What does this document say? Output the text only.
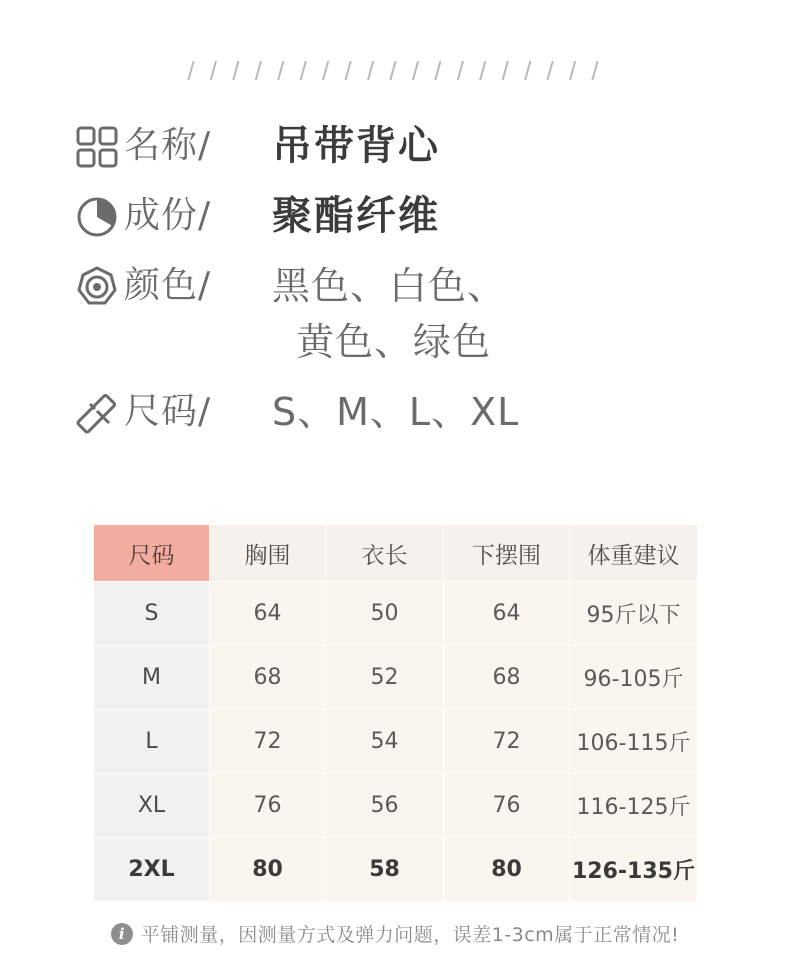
/ / / / / / / / / / / / / / / / / / /
名称/	吊带背心
成份/	聚酯纤维
颜色/	黑色、白色、
黄色、绿色
尺码/	S、M、L、XL
尺码	胸围	衣长	下摆围	体重建议
S	64	50	64	95斤以下
M	68	52	68	96-105斤
L	72	54	72	106-115斤
XL	76	56	76	116-125斤
2XL	80	58	80	126-135斤
i 平铺测量，因测量方式及弹力问题，误差1-3cm属于正常情况!
